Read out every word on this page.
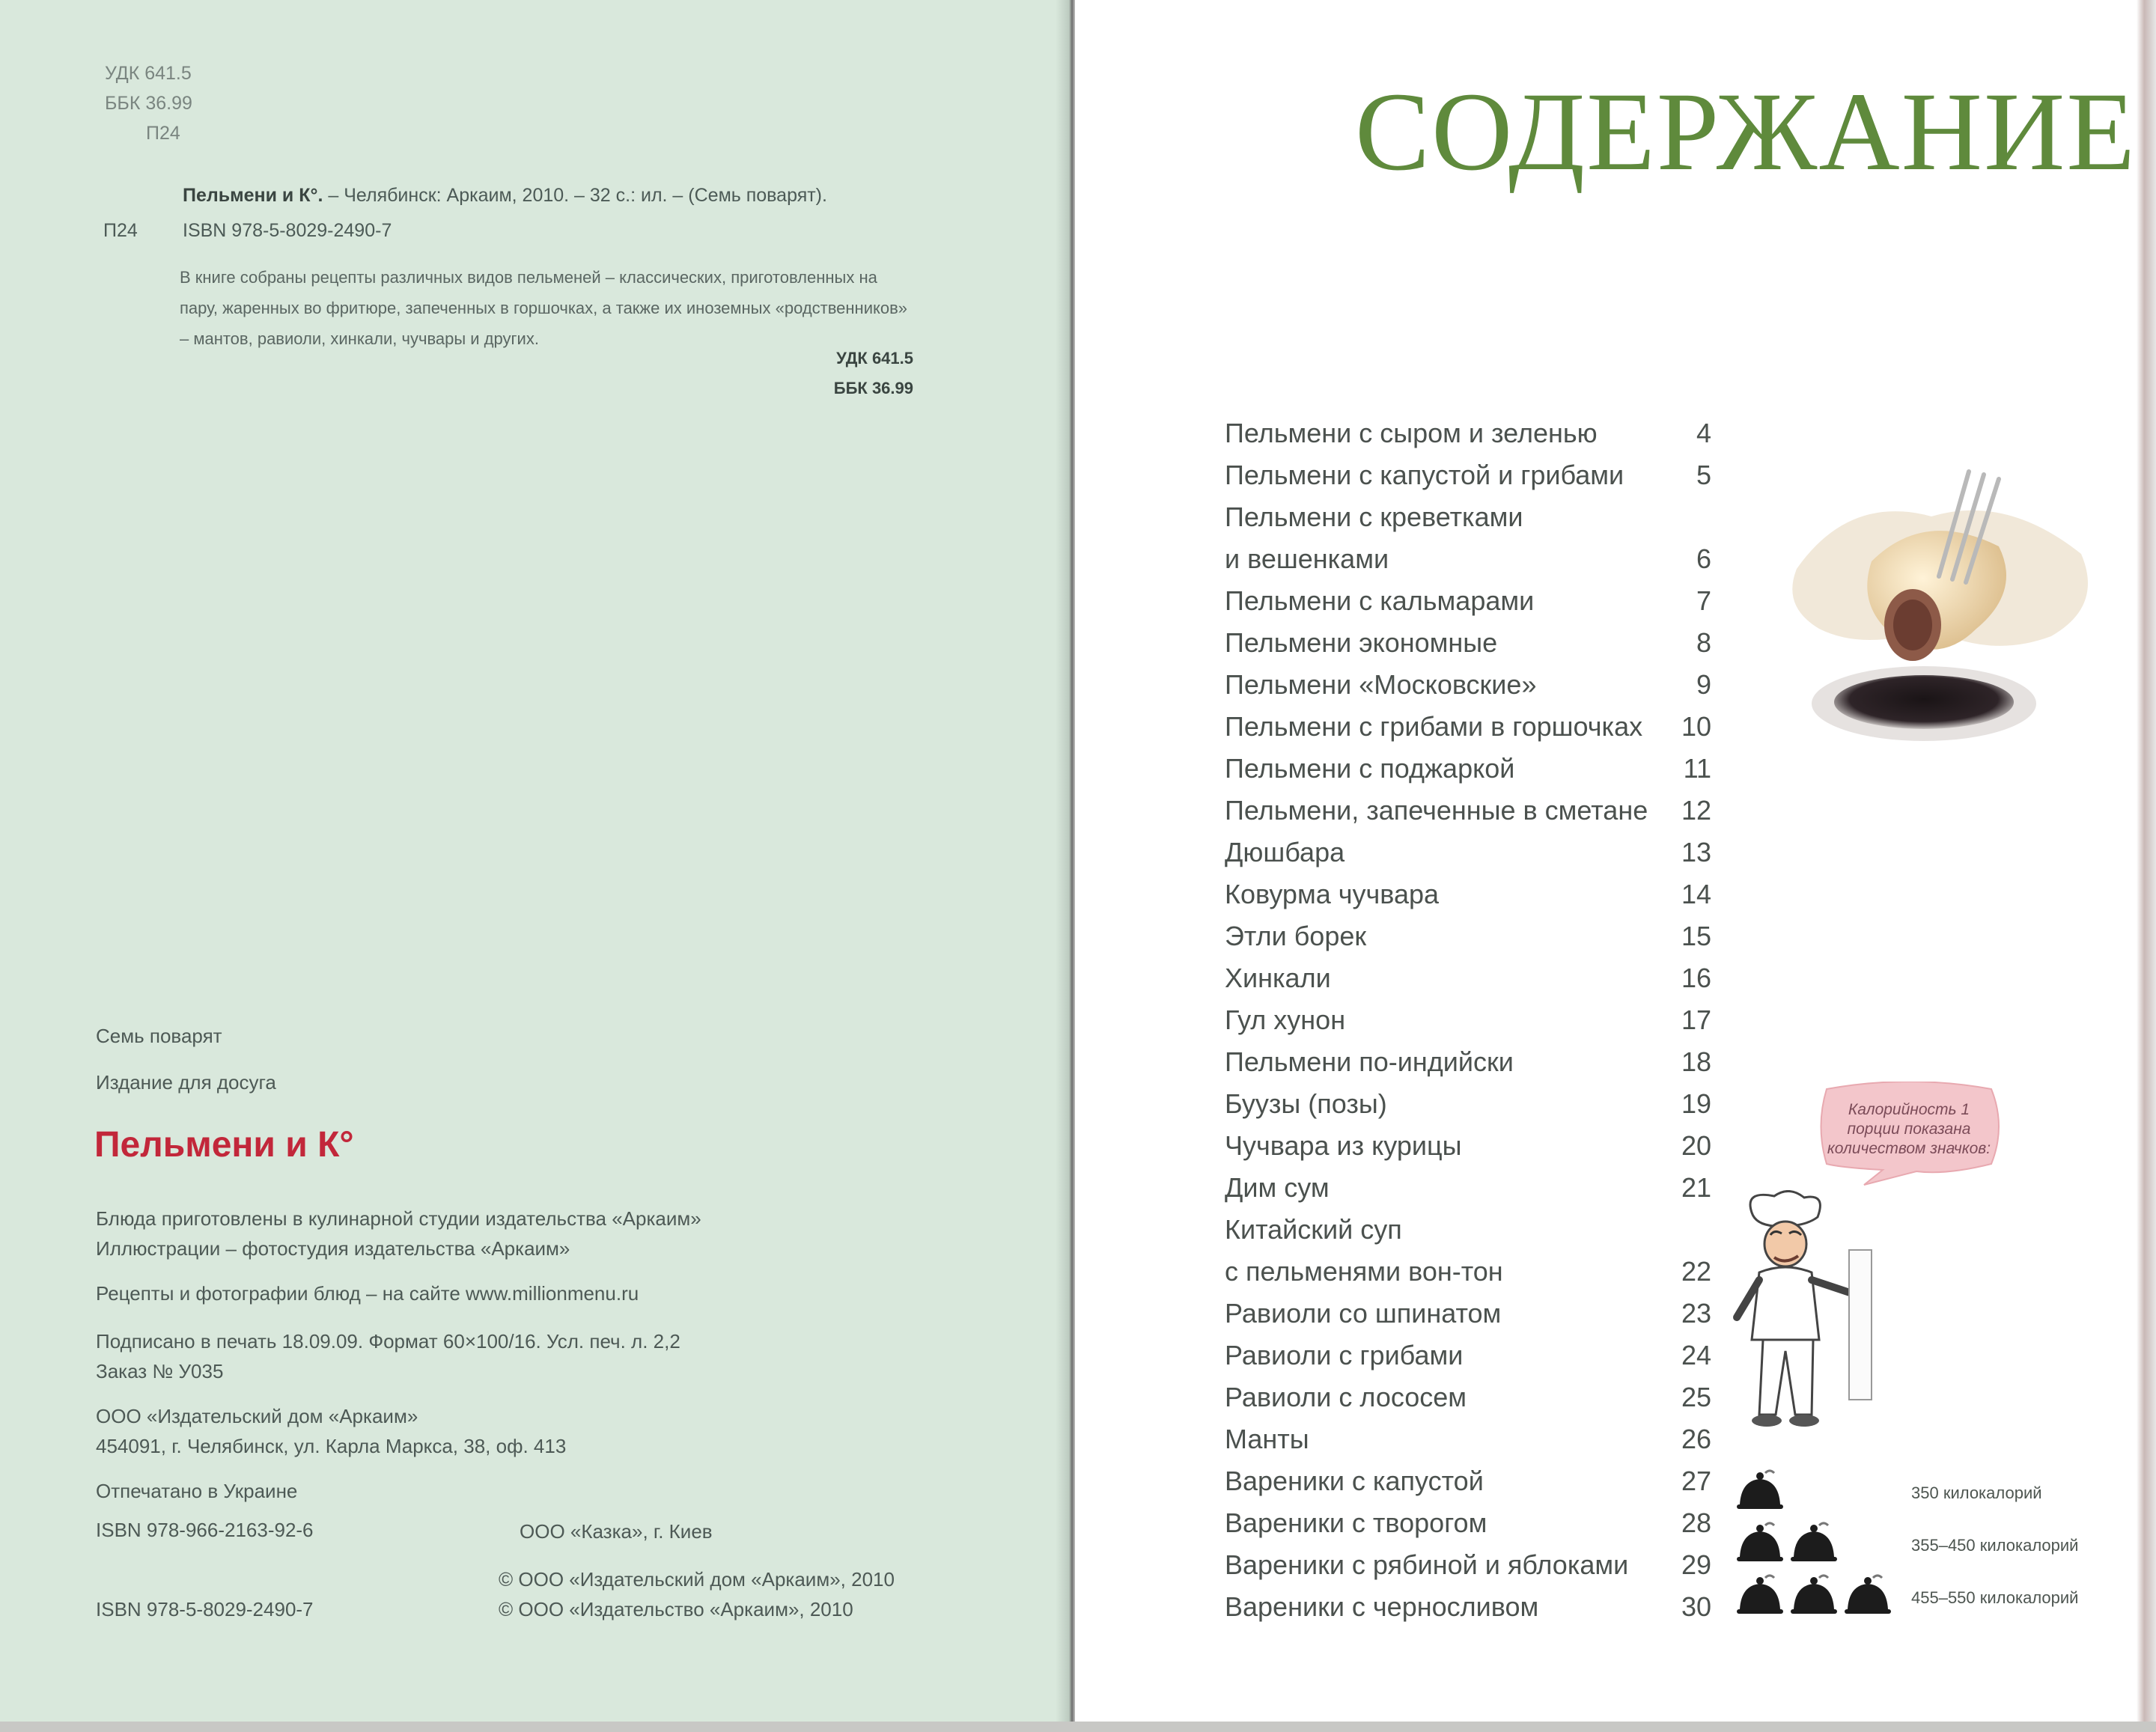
УДК 641.5
ББК 36.99
П24
Пельмени и К°. – Челябинск: Аркаим, 2010. – 32 с.: ил. – (Семь поварят).
П24 ISBN 978-5-8029-2490-7
В книге собраны рецепты различных видов пельменей – классических, приготовленных на пару, жаренных во фритюре, запеченных в горшочках, а также их иноземных «родственников» – мантов, равиоли, хинкали, чучвары и других.
УДК 641.5
ББК 36.99
Семь поварят
Издание для досуга
Пельмени и К°
Блюда приготовлены в кулинарной студии издательства «Аркаим»
Иллюстрации – фотостудия издательства «Аркаим»
Рецепты и фотографии блюд – на сайте www.millionmenu.ru
Подписано в печать 18.09.09. Формат 60×100/16. Усл. печ. л. 2,2
Заказ № У035
ООО «Издательский дом «Аркаим»
454091, г. Челябинск, ул. Карла Маркса, 38, оф. 413
Отпечатано в Украине
ISBN 978-966-2163-92-6	ООО «Казка», г. Киев
© ООО «Издательский дом «Аркаим», 2010
© ООО «Издательство «Аркаим», 2010
ISBN 978-5-8029-2490-7
СОДЕРЖАНИЕ
Пельмени с сыром и зеленью	4
Пельмени с капустой и грибами	5
Пельмени с креветками
и вешенками	6
Пельмени с кальмарами	7
Пельмени экономные	8
Пельмени «Московские»	9
Пельмени с грибами в горшочках 10
Пельмени с поджаркой	11
Пельмени, запеченные в сметане 12
Дюшбара	13
Ковурма чучвара	14
Этли борек	15
Хинкали	16
Гул хунон	17
Пельмени по-индийски	18
Буузы (позы)	19
Чучвара из курицы	20
Дим сум	21
Китайский суп
с пельменями вон-тон	22
Равиоли со шпинатом	23
Равиоли с грибами	24
Равиоли с лососем	25
Манты	26
Вареники с капустой	27
Вареники с творогом	28
Вареники с рябиной и яблоками 29
Вареники с черносливом	30
Калорийность 1 порции показана количеством значков:
350 килокалорий
355–450 килокалорий
455–550 килокалорий
